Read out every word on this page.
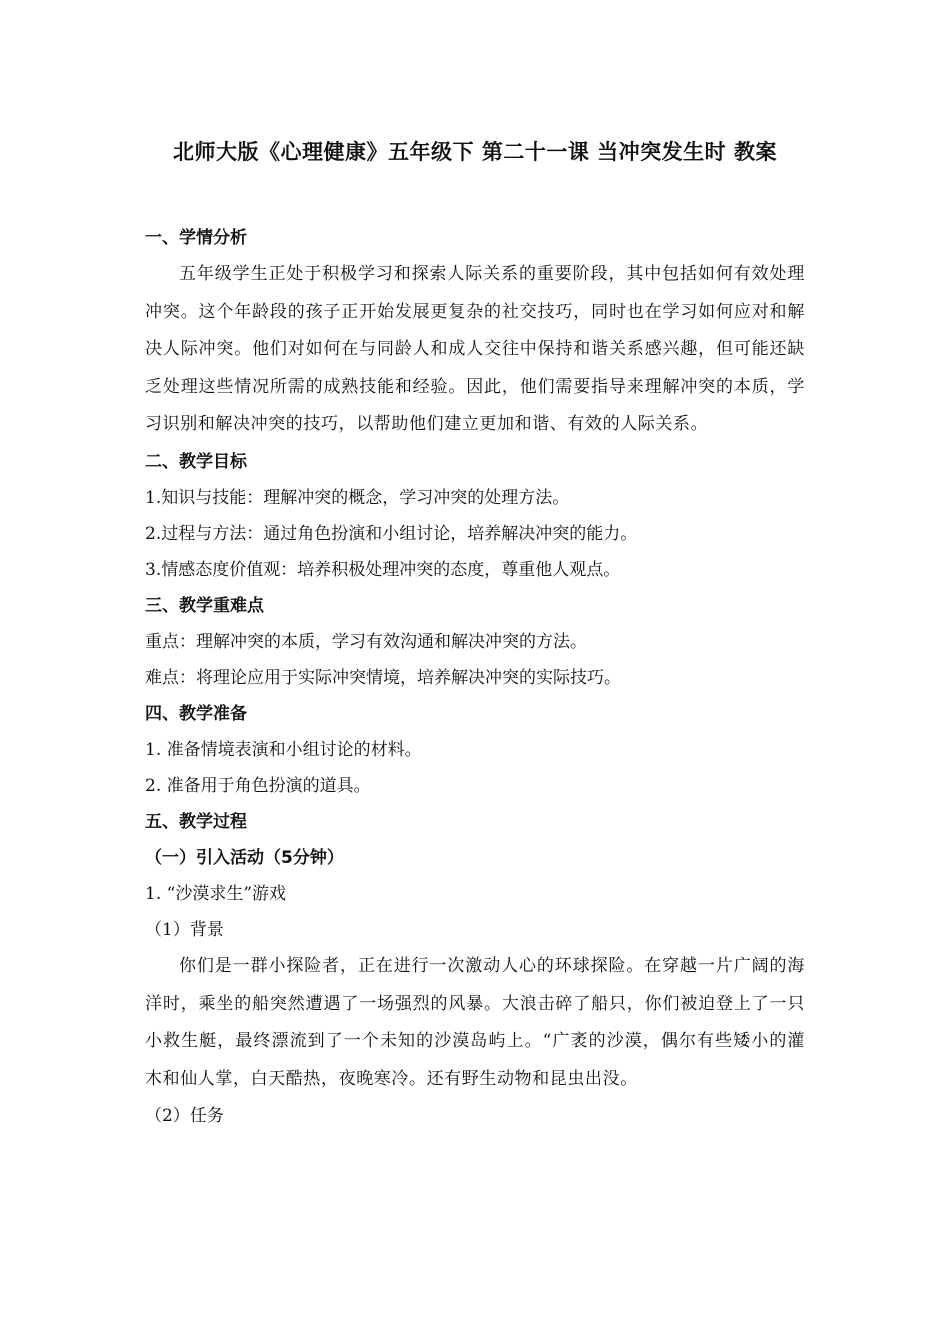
北师大版《心理健康》五年级下 第二十一课 当冲突发生时 教案
一、学情分析
五年级学生正处于积极学习和探索人际关系的重要阶段，其中包括如何有效处理冲突。这个年龄段的孩子正开始发展更复杂的社交技巧，同时也在学习如何应对和解决人际冲突。他们对如何在与同龄人和成人交往中保持和谐关系感兴趣，但可能还缺乏处理这些情况所需的成熟技能和经验。因此，他们需要指导来理解冲突的本质，学习识别和解决冲突的技巧，以帮助他们建立更加和谐、有效的人际关系。
二、教学目标
1.知识与技能：理解冲突的概念，学习冲突的处理方法。
2.过程与方法：通过角色扮演和小组讨论，培养解决冲突的能力。
3.情感态度价值观：培养积极处理冲突的态度，尊重他人观点。
三、教学重难点
重点：理解冲突的本质，学习有效沟通和解决冲突的方法。
难点：将理论应用于实际冲突情境，培养解决冲突的实际技巧。
四、教学准备
1. 准备情境表演和小组讨论的材料。
2. 准备用于角色扮演的道具。
五、教学过程
（一）引入活动（5分钟）
1. “沙漠求生”游戏
（1）背景
你们是一群小探险者，正在进行一次激动人心的环球探险。在穿越一片广阔的海洋时，乘坐的船突然遭遇了一场强烈的风暴。大浪击碎了船只，你们被迫登上了一只小救生艇，最终漂流到了一个未知的沙漠岛屿上。“广袤的沙漠，偶尔有些矮小的灌木和仙人掌，白天酷热，夜晚寒冷。还有野生动物和昆虫出没。
（2）任务
